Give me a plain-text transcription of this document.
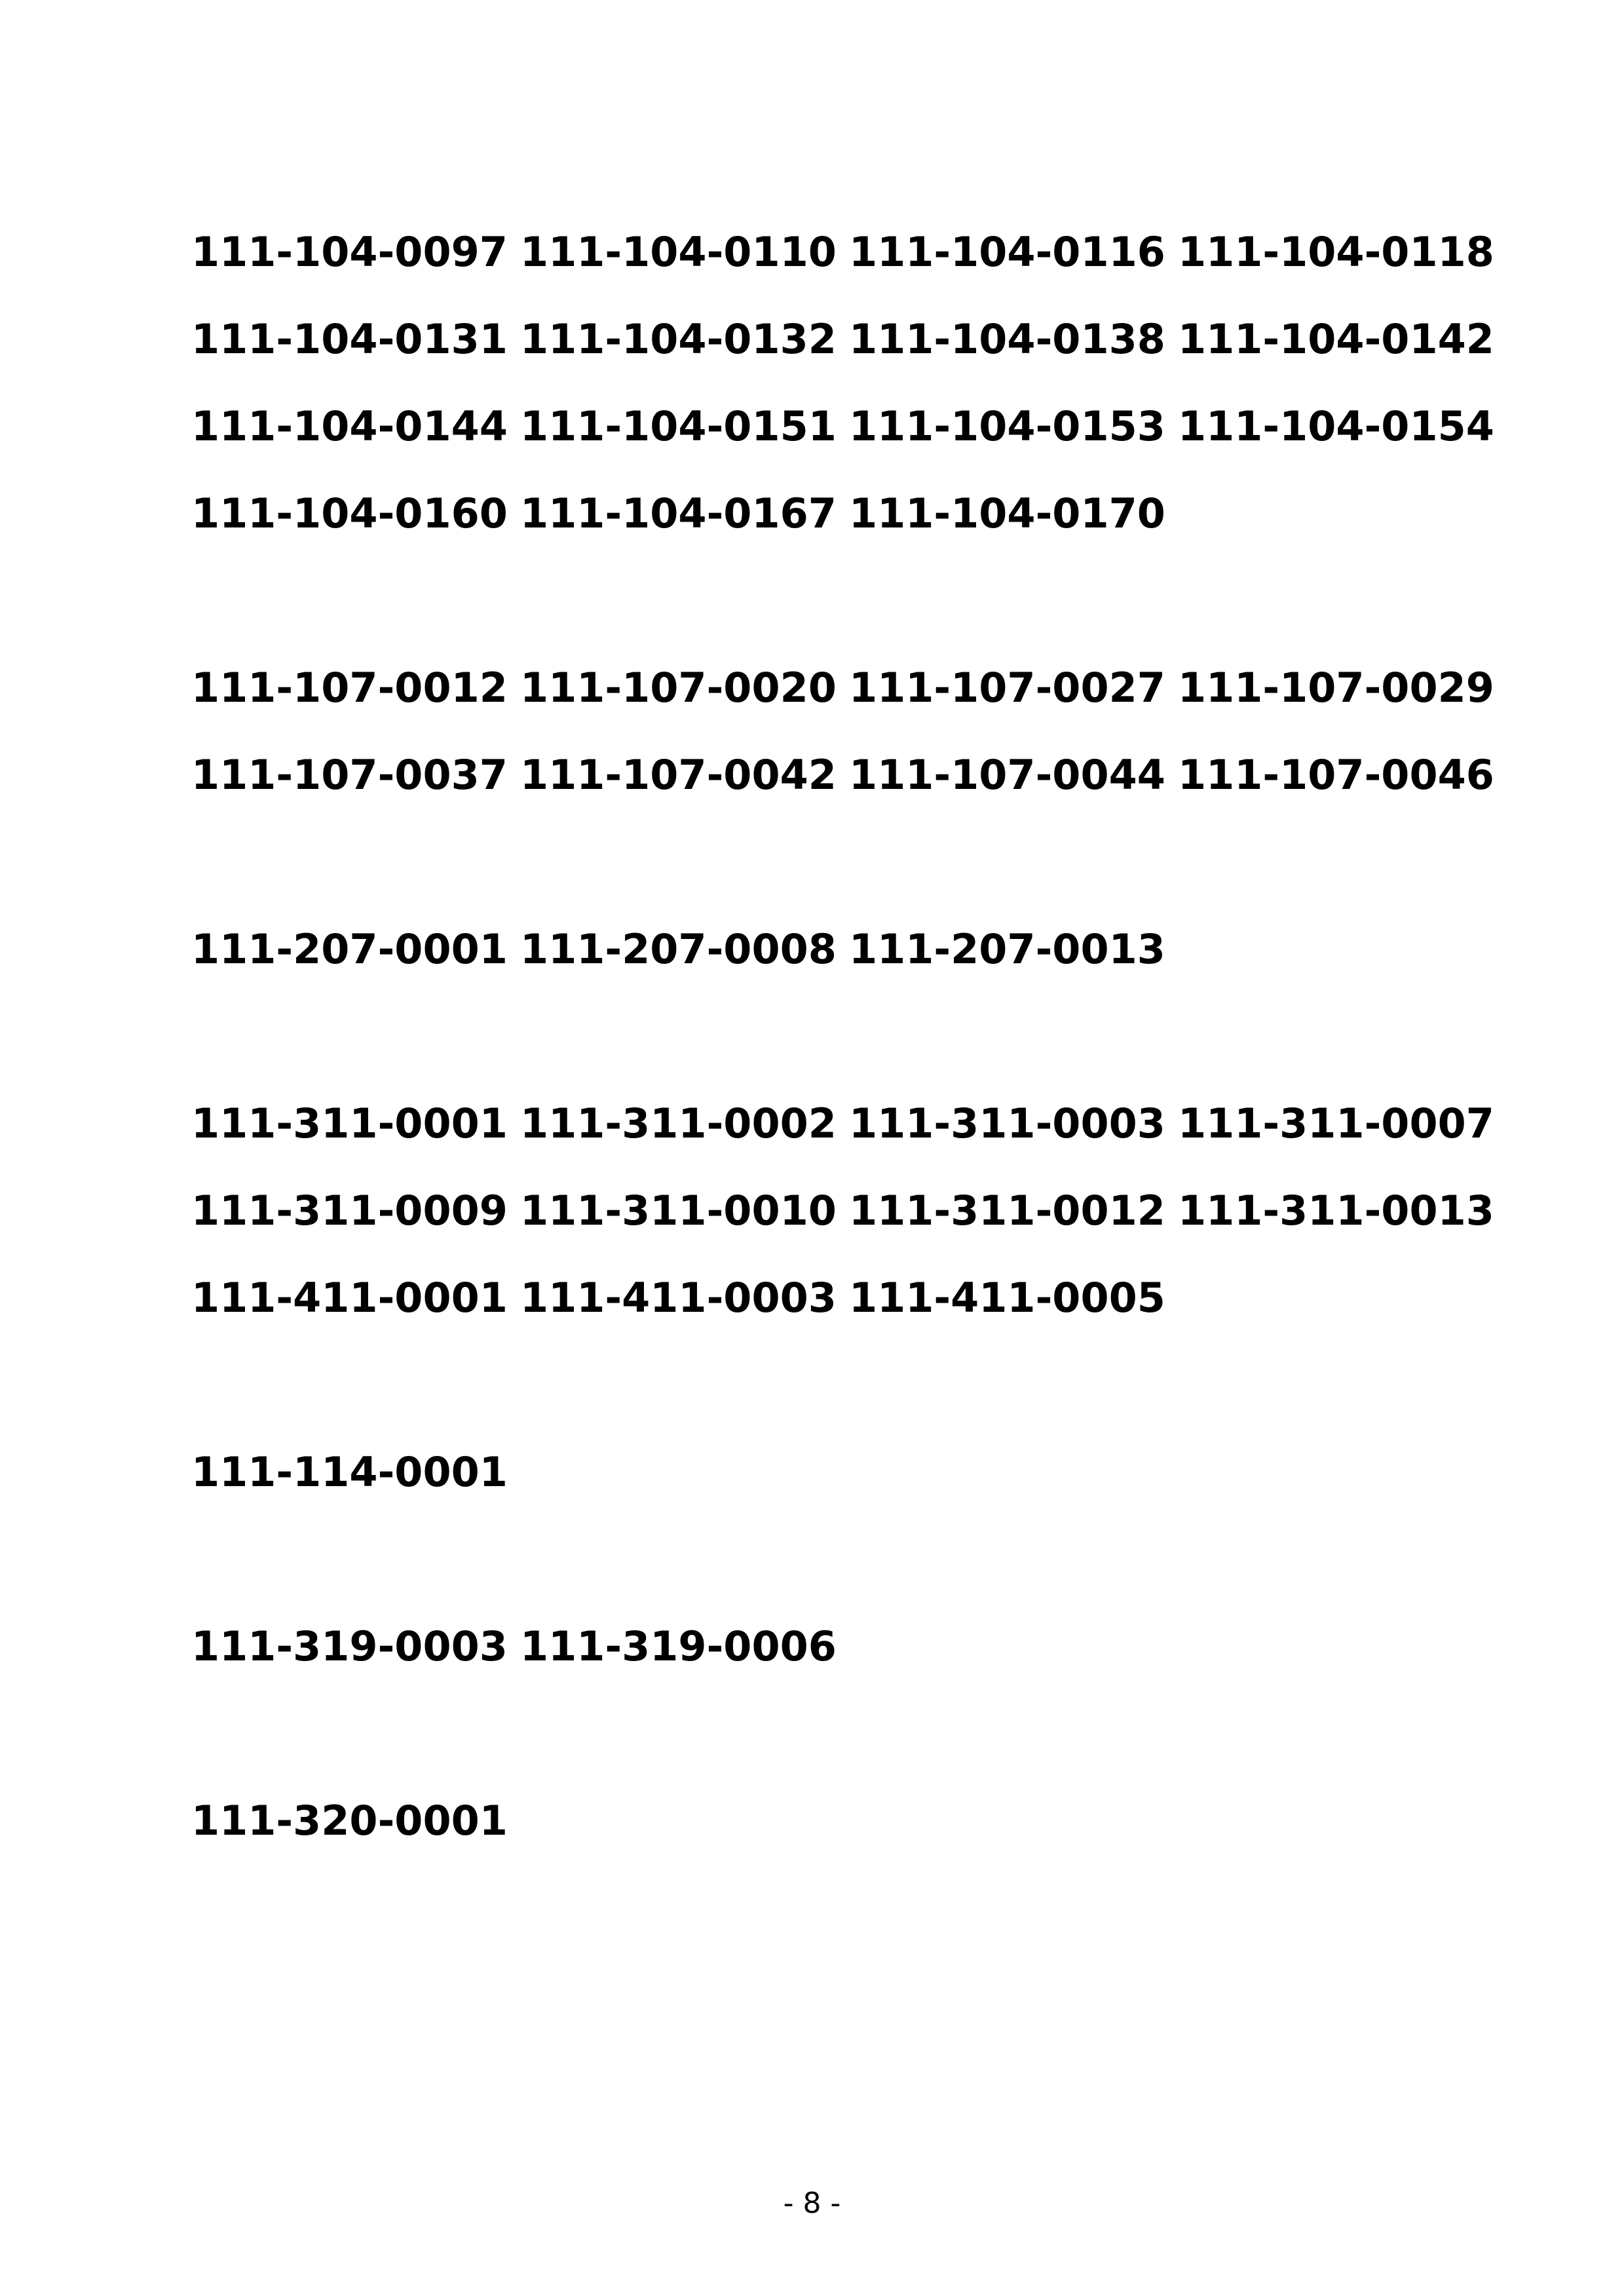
111-104-0097 111-104-0110 111-104-0116 111-104-0118
111-104-0131 111-104-0132 111-104-0138 111-104-0142
111-104-0144 111-104-0151 111-104-0153 111-104-0154
111-104-0160 111-104-0167 111-104-0170
111-107-0012 111-107-0020 111-107-0027 111-107-0029
111-107-0037 111-107-0042 111-107-0044 111-107-0046
111-207-0001 111-207-0008 111-207-0013
111-311-0001 111-311-0002 111-311-0003 111-311-0007
111-311-0009 111-311-0010 111-311-0012 111-311-0013
111-411-0001 111-411-0003 111-411-0005
111-114-0001
111-319-0003 111-319-0006
111-320-0001
- 8 -
